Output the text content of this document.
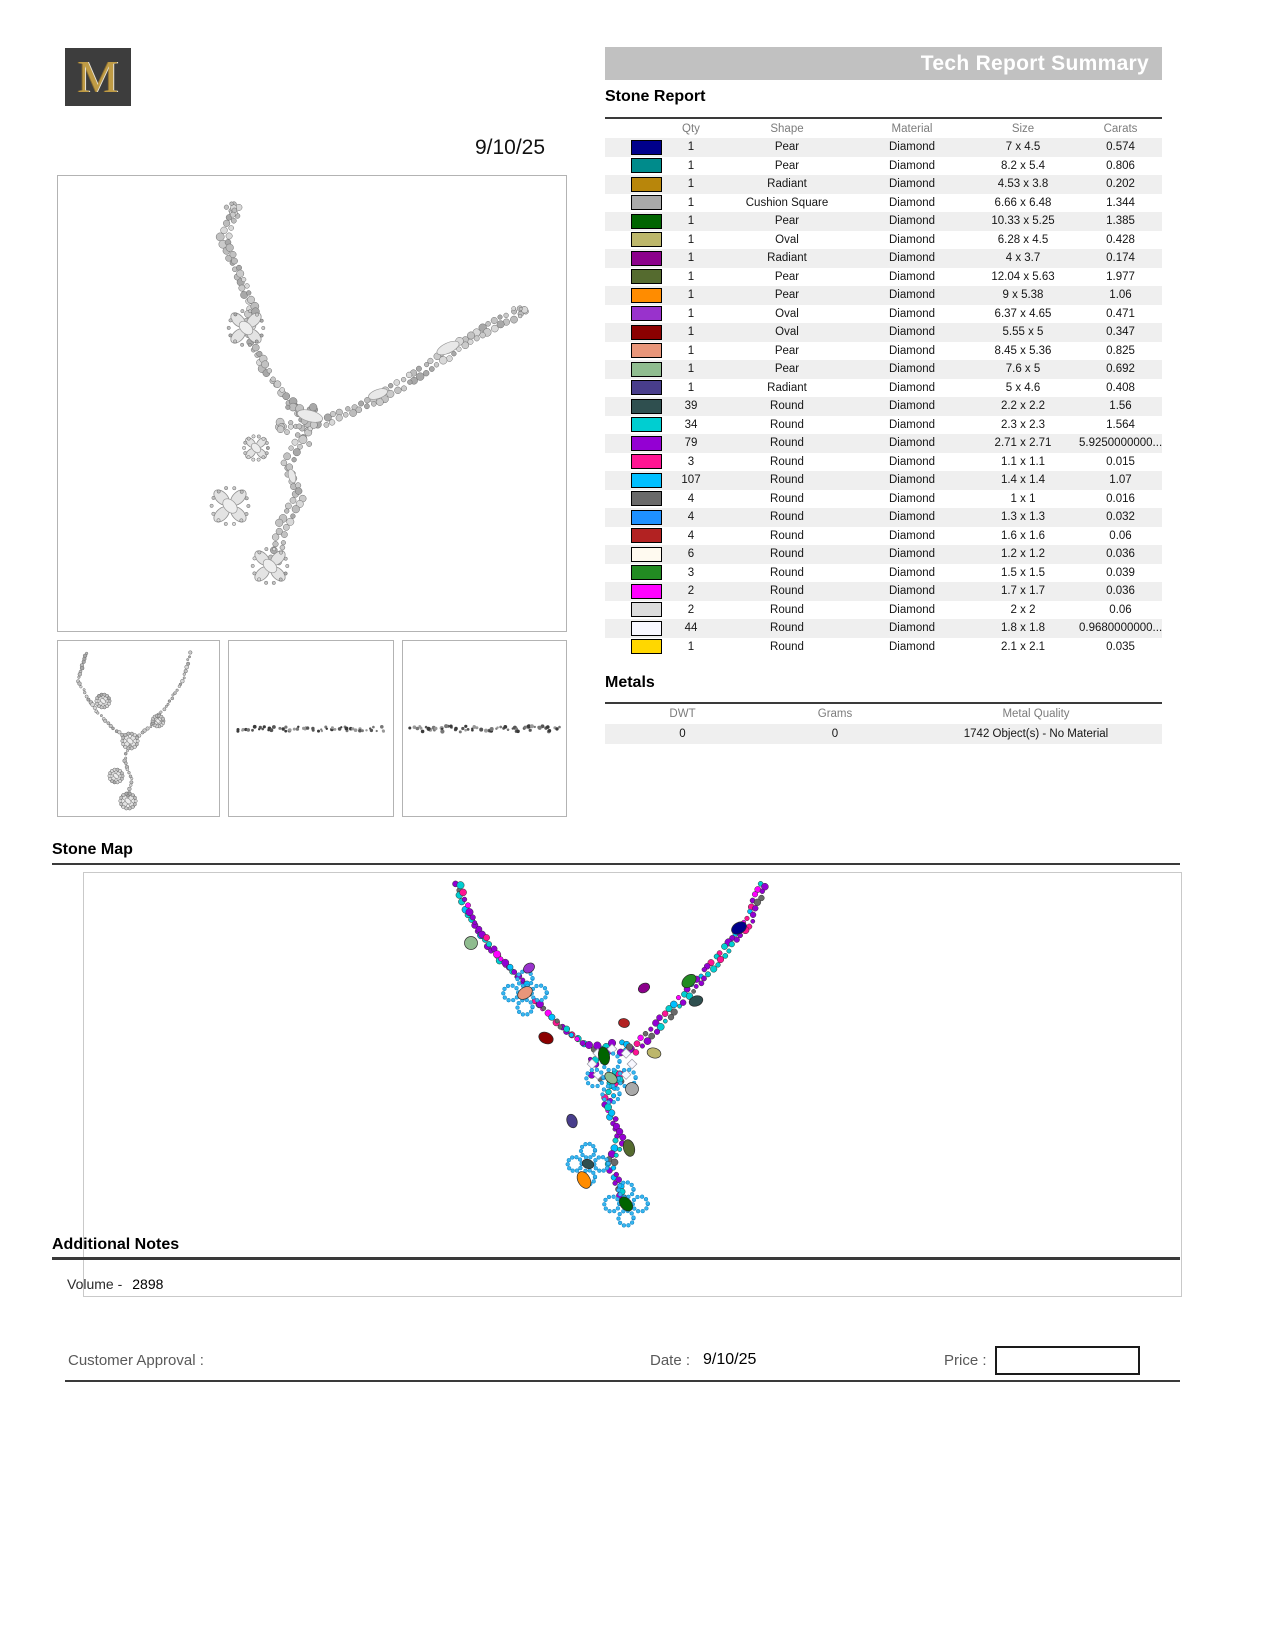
M	Tech Report Summary
9/10/25
Stone Report
	Qty	Shape	Material	Size	Carats
	1	Pear	Diamond	7 x 4.5	0.574
	1	Pear	Diamond	8.2 x 5.4	0.806
	1	Radiant	Diamond	4.53 x 3.8	0.202
	1	Cushion Square	Diamond	6.66 x 6.48	1.344
	1	Pear	Diamond	10.33 x 5.25	1.385
	1	Oval	Diamond	6.28 x 4.5	0.428
	1	Radiant	Diamond	4 x 3.7	0.174
	1	Pear	Diamond	12.04 x 5.63	1.977
	1	Pear	Diamond	9 x 5.38	1.06
	1	Oval	Diamond	6.37 x 4.65	0.471
	1	Oval	Diamond	5.55 x 5	0.347
	1	Pear	Diamond	8.45 x 5.36	0.825
	1	Pear	Diamond	7.6 x 5	0.692
	1	Radiant	Diamond	5 x 4.6	0.408
	39	Round	Diamond	2.2 x 2.2	1.56
	34	Round	Diamond	2.3 x 2.3	1.564
	79	Round	Diamond	2.71 x 2.71	5.9250000000...
	3	Round	Diamond	1.1 x 1.1	0.015
	107	Round	Diamond	1.4 x 1.4	1.07
	4	Round	Diamond	1 x 1	0.016
	4	Round	Diamond	1.3 x 1.3	0.032
	4	Round	Diamond	1.6 x 1.6	0.06
	6	Round	Diamond	1.2 x 1.2	0.036
	3	Round	Diamond	1.5 x 1.5	0.039
	2	Round	Diamond	1.7 x 1.7	0.036
	2	Round	Diamond	2 x 2	0.06
	44	Round	Diamond	1.8 x 1.8	0.9680000000...
	1	Round	Diamond	2.1 x 2.1	0.035
Metals
DWT	Grams	Metal Quality
0	0	1742 Object(s) - No Material
Stone Map
Additional Notes
Volume - 2898
Customer Approval :	Date : 9/10/25	Price :
